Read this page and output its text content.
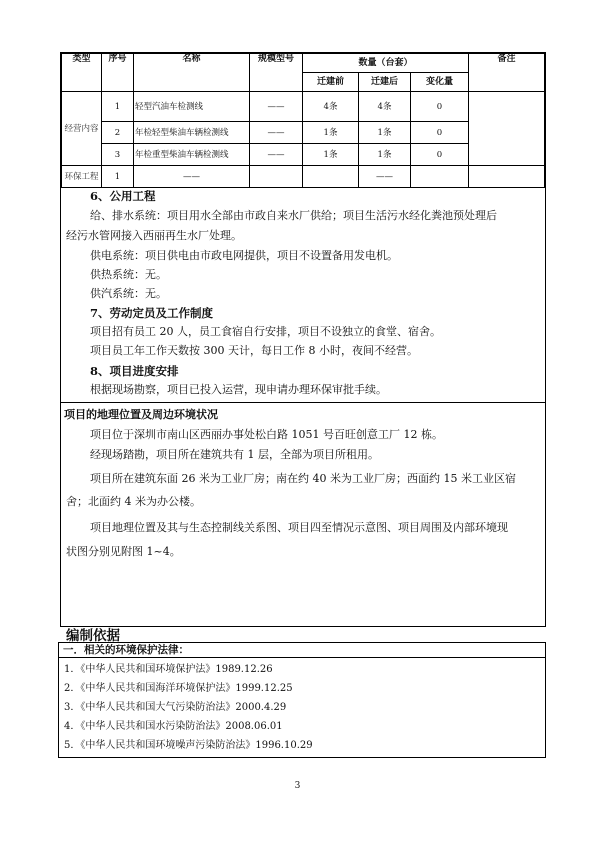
类型	序号	名称	规模型号	数量（台套）			备注
				迁建前	迁建后	变化量	
经营内容	1	轻型汽油车检测线	——	4条	4条	0	
	2	年检轻型柴油车辆检测线	——	1条	1条	0	
	3	年检重型柴油车辆检测线	——	1条	1条	0	
环保工程	1	——			——		
6、公用工程
给、排水系统：项目用水全部由市政自来水厂供给；项目生活污水经化粪池预处理后
经污水管网接入西丽再生水厂处理。
供电系统：项目供电由市政电网提供，项目不设置备用发电机。
供热系统：无。
供汽系统：无。
7、劳动定员及工作制度
项目招有员工 20 人，员工食宿自行安排，项目不设独立的食堂、宿舍。
项目员工年工作天数按 300 天计，每日工作 8 小时，夜间不经营。
8、项目进度安排
根据现场勘察，项目已投入运营，现申请办理环保审批手续。
项目的地理位置及周边环境状况
项目位于深圳市南山区西丽办事处松白路 1051 号百旺创意工厂 12 栋。
经现场踏勘，项目所在建筑共有 1 层，全部为项目所租用。
项目所在建筑东面 26 米为工业厂房；南在约 40 米为工业厂房；西面约 15 米工业区宿
舍；北面约 4 米为办公楼。
项目地理位置及其与生态控制线关系图、项目四至情况示意图、项目周围及内部环境现
状图分别见附图 1~4。
编制依据
一．相关的环境保护法律：
1．《中华人民共和国环境保护法》1989.12.26
2．《中华人民共和国海洋环境保护法》1999.12.25
3．《中华人民共和国大气污染防治法》2000.4.29
4．《中华人民共和国水污染防治法》2008.06.01
5．《中华人民共和国环境噪声污染防治法》1996.10.29
3
